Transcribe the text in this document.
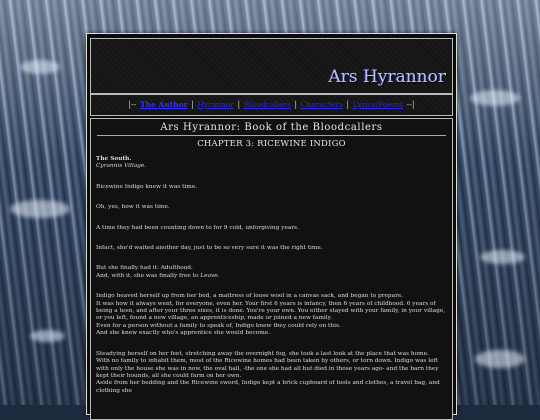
Ars Hyrannor
|-- The Author | Hyrannor | Bloodcallers | Characters | Lyrics/Poems --|
Ars Hyrannor: Book of the Bloodcallers
CHAPTER 3: RICEWINE INDIGO

The South.

Cyrannis Village.

Ricewine Indigo knew it was time.

Oh, yes, how it was time.

A time they had been counting down to for 9 cold, unforgiving years.

Infact, she'd waited another day, just to be so very sure it was the right time.

But she finally had it: Adulthood.

And, with it, she was finally free to Leave.

Indigo heaved herself up from her bed, a mattress of loose wool in a canvas sack, and began to prepare.

It was how it always went, for everyone, even her. Your first 6 years is infancy, then 6 years of childhood. 6 years of being a teen, and after your three sixes, it is done. You're your own. You either stayed with your family, in your village, or you left, found a new village, an apprenticeship, made or joined a new family.

Even for a person without a family to speak of, Indigo knew they could rely on this.

And she knew exactly who's apprentice she would become.

Steadying herself on her feet, stretching away the overnight fog, she took a last look at the place that was home.

With no family to inhabit them, most of the Ricewine homes had been taken by others, or torn down. Indigo was left with only the house she was in now, the oval hall, -the one she had all but died in those years ago- and the barn they kept their hounds, all she could farm on her own.

Aside from her bedding and the Ricewine sword, Indigo kept a brick cupboard of tools and clothes, a travel bag, and clothing she
